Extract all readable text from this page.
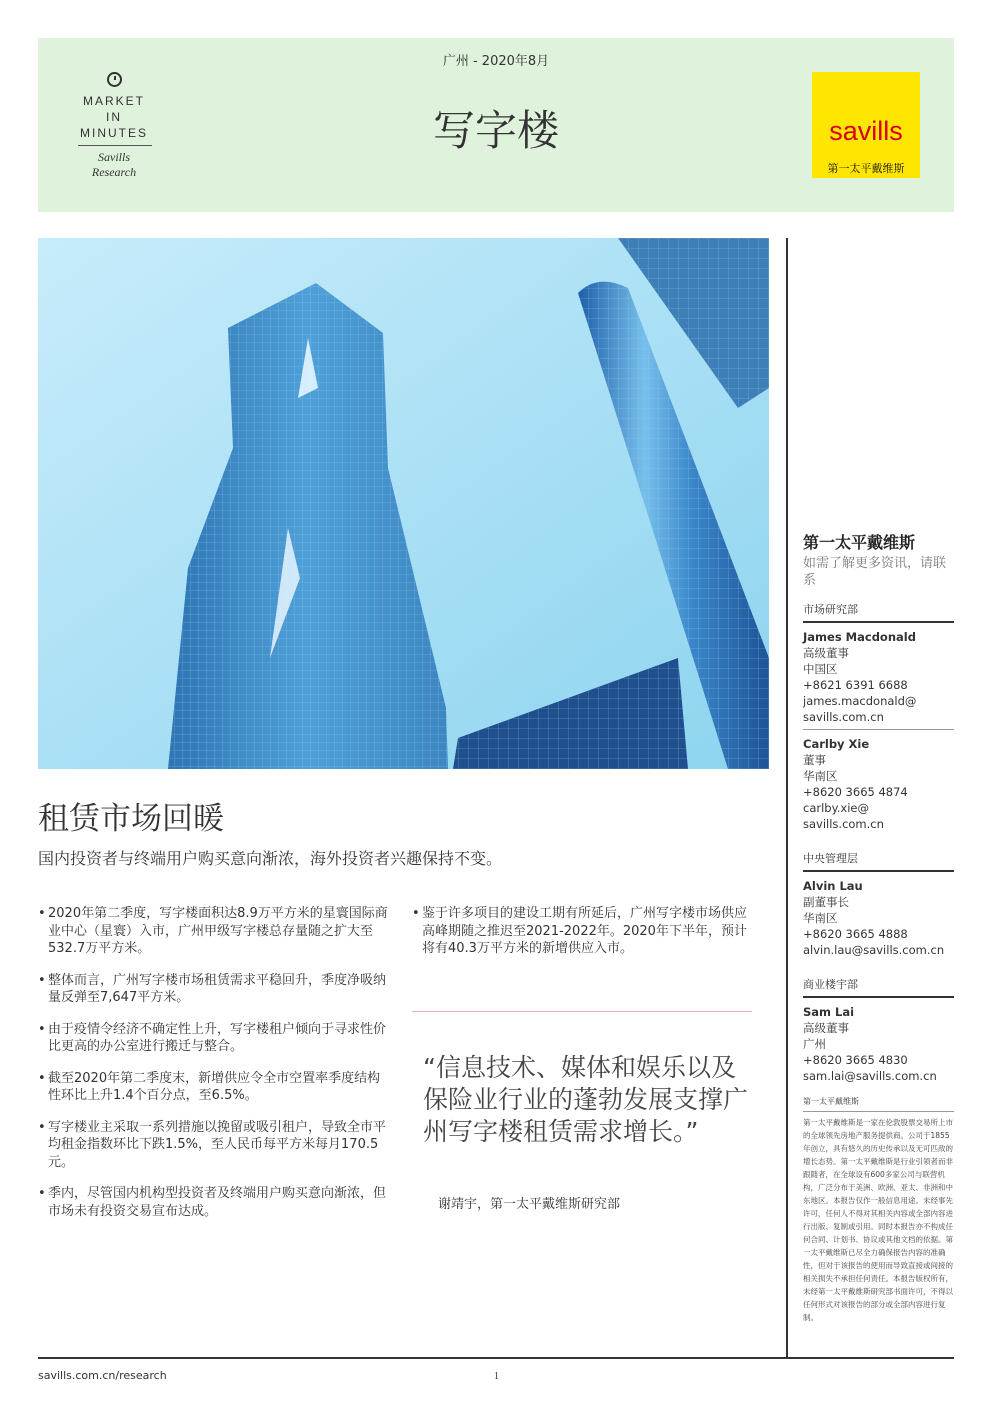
MARKET
IN
MINUTES
Savills Research
广州 - 2020年8月
写字楼	savills
第一太平戴维斯
第一太平戴维斯
如需了解更多资讯，请联系
市场研究部
James Macdonald
高级董事
中国区
+8621 6391 6688
james.macdonald@
savills.com.cn
Carlby Xie
董事
华南区
+8620 3665 4874
carlby.xie@
savills.com.cn
中央管理层
Alvin Lau
副董事长
华南区
+8620 3665 4888
alvin.lau@savills.com.cn
商业楼宇部
Sam Lai
高级董事
广州
+8620 3665 4830
sam.lai@savills.com.cn
第一太平戴维斯
第一太平戴维斯是一家在伦敦股票交易所上市的全球领先房地产服务提供商。公司于1855年创立，具有悠久的历史传承以及无可匹敌的增长态势。第一太平戴维斯是行业引领者而非跟随者，在全球设有600多家公司与联营机构，广泛分布于美洲、欧洲、亚太、非洲和中东地区。本报告仅作一般信息用途。未经事先许可，任何人不得对其相关内容或全部内容进行出版、复制或引用。同时本报告亦不构成任何合同、计划书、协议或其他文档的依据。第一太平戴维斯已尽全力确保报告内容的准确性，但对于该报告的使用而导致直接或间接的相关损失不承担任何责任。本报告版权所有，未经第一太平戴维斯研究部书面许可，不得以任何形式对该报告的部分或全部内容进行复制。
租赁市场回暖
国内投资者与终端用户购买意向渐浓，海外投资者兴趣保持不变。
• 2020年第二季度，写字楼面积达8.9万平方米的星寰国际商业中心（星寰）入市，广州甲级写字楼总存量随之扩大至532.7万平方米。
• 整体而言，广州写字楼市场租赁需求平稳回升，季度净吸纳量反弹至7,647平方米。
• 由于疫情令经济不确定性上升，写字楼租户倾向于寻求性价比更高的办公室进行搬迁与整合。
• 截至2020年第二季度末，新增供应令全市空置率季度结构性环比上升1.4个百分点，至6.5%。
• 写字楼业主采取一系列措施以挽留或吸引租户，导致全市平均租金指数环比下跌1.5%，至人民币每平方米每月170.5元。
• 季内，尽管国内机构型投资者及终端用户购买意向渐浓，但市场未有投资交易宣布达成。
• 鉴于许多项目的建设工期有所延后，广州写字楼市场供应高峰期随之推迟至2021-2022年。2020年下半年，预计将有40.3万平方米的新增供应入市。
“信息技术、媒体和娱乐以及保险业行业的蓬勃发展支撑广州写字楼租赁需求增长。”
谢靖宇，第一太平戴维斯研究部
savills.com.cn/research	1
